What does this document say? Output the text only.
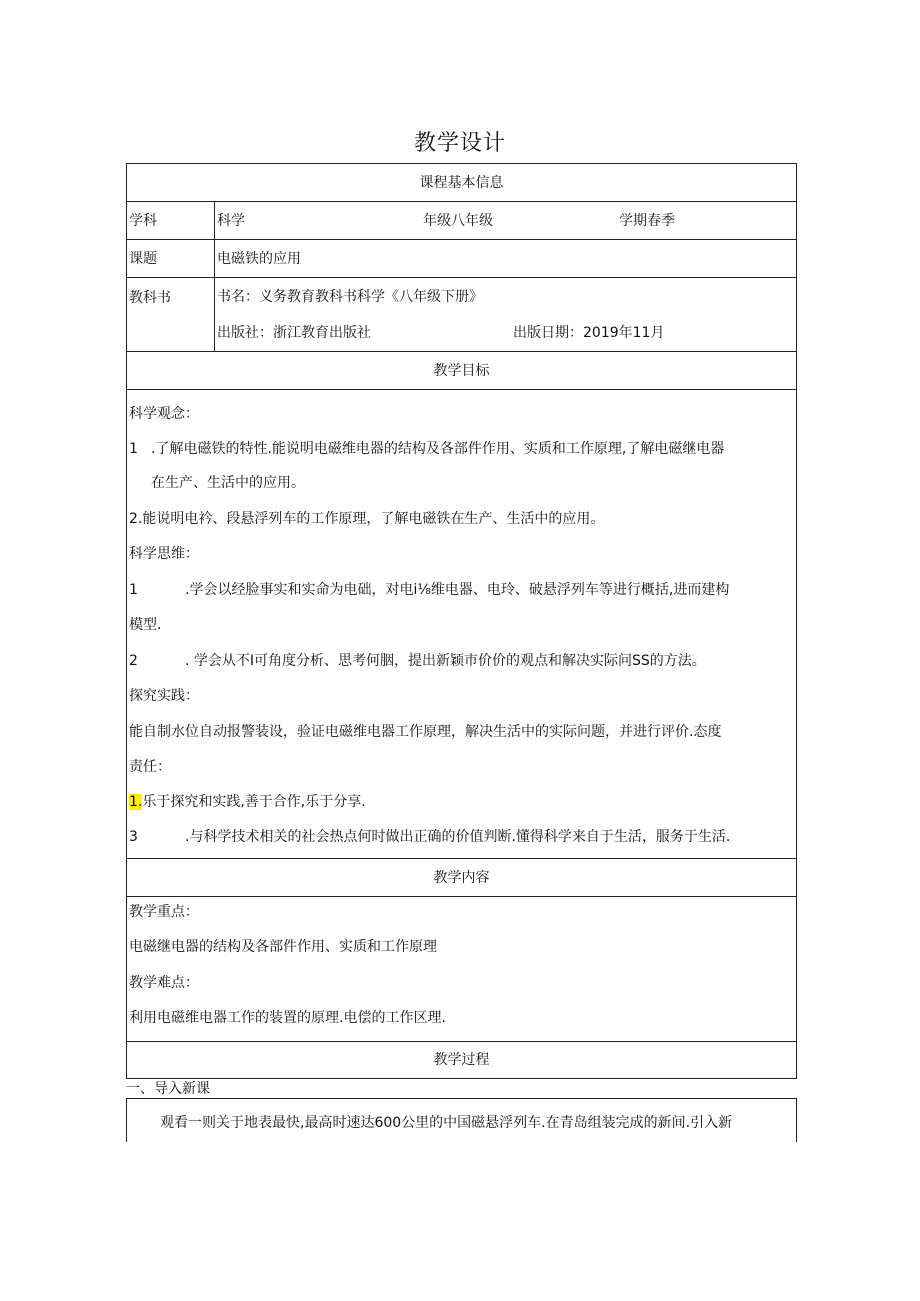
教学设计
课程基本信息
学科	科学	年级八年级	学期春季
课题	电磁铁的应用
教科书	书名：义务教育教科书科学《八年级下册》
出版社：浙江教育出版社	出版日期：2019年11月
教学目标
科学观念：
1 .了解电磁铁的特性.能说明电磁维电器的结构及各部件作用、实质和工作原理,了解电磁继电器
在生产、生活中的应用。
2.能说明电衿、段悬浮列车的工作原理，了解电磁铁在生产、生活中的应用。
科学思维：
1	.学会以经脸事实和实命为电础，对电i⅛维电器、电玲、破悬浮列车等进行概括,进而建构
模型.
2	. 学会从不I可角度分析、思考何胭，提出新颖市价价的观点和解决实际问SS的方法。
探究实践：
能自制水位自动报警装设，验证电磁维电器工作原理，解决生活中的实际问题，并进行评价.态度
责任：
1.乐于探究和实践,善于合作,乐于分享.
3	.与科学技术相关的社会热点何时做出正确的价值判断.懂得科学来自于生活，服务于生活.
教学内容
教学重点：
电磁继电器的结构及各部件作用、实质和工作原理
教学难点：
利用电磁维电器工作的装置的原理.电偿的工作区理.
教学过程
一、导入新课
观看一则关于地表最快,最高时速达600公里的中国磁悬浮列车.在青岛组装完成的新间.引入新
